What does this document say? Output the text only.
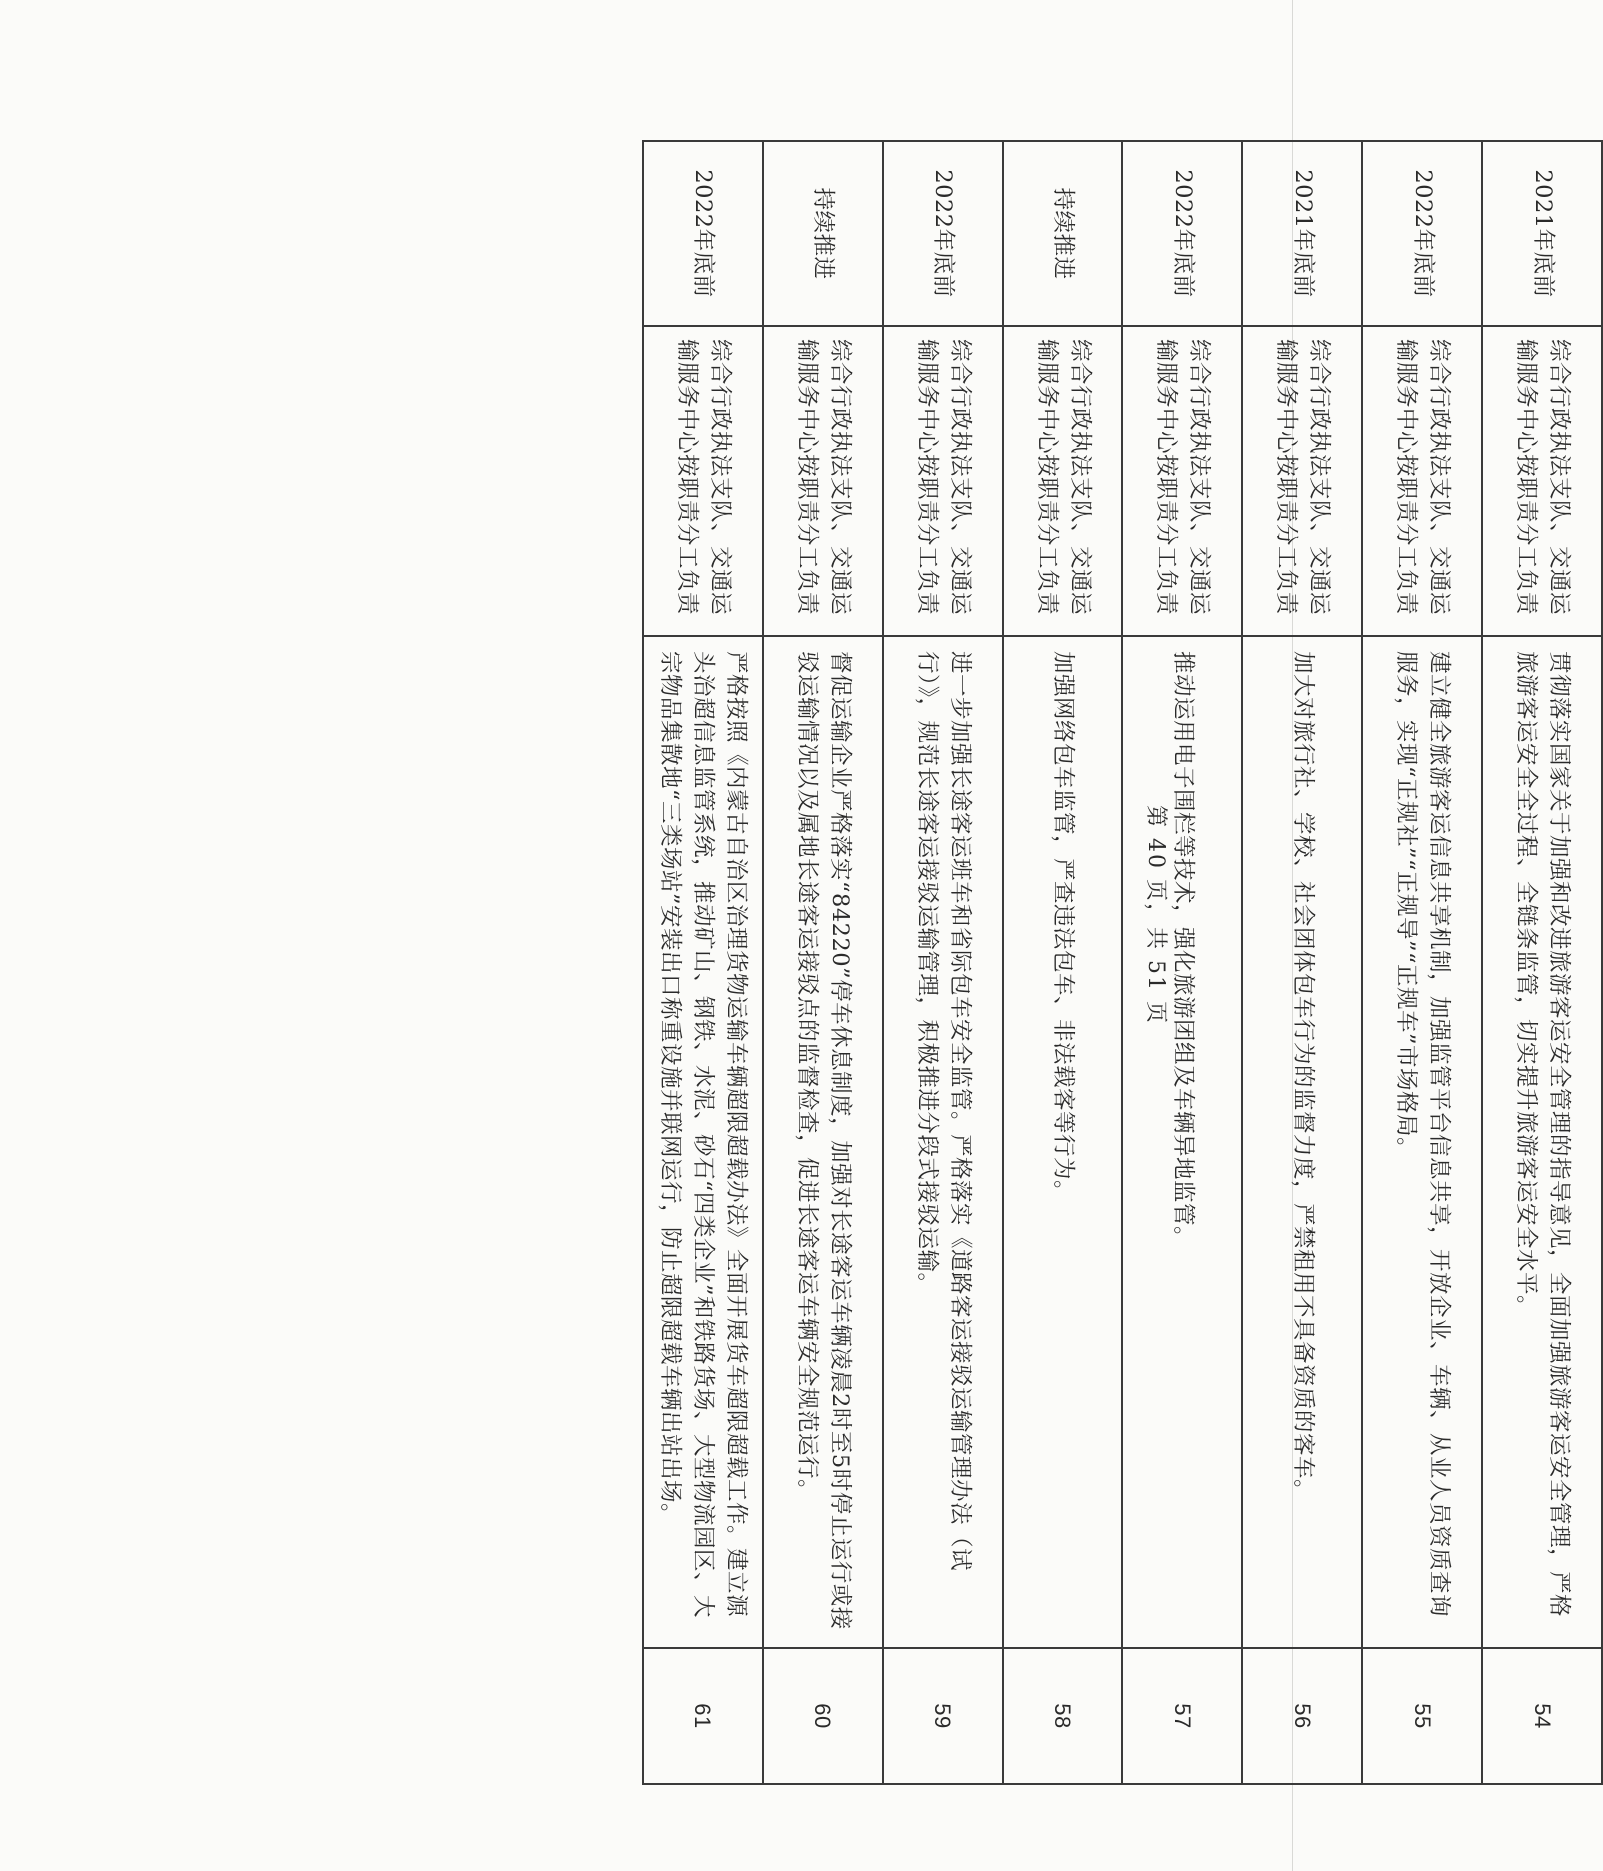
2021年底前	综合行政执法支队、交通运输服务中心按职责分工负责	贯彻落实国家关于加强和改进旅游客运安全管理的指导意见，全面加强旅游客运安全管理，严格旅游客运安全全过程、全链条监管，切实提升旅游客运安全水平。	54
2022年底前	综合行政执法支队、交通运输服务中心按职责分工负责	建立健全旅游客运信息共享机制，加强监管平台信息共享，开放企业、车辆、从业人员资质查询服务，实现“正规社”“正规导”“正规车”市场格局。	55
2021年底前	综合行政执法支队、交通运输服务中心按职责分工负责	加大对旅行社、学校、社会团体包车行为的监督力度，严禁租用不具备资质的客车。	56
2022年底前	综合行政执法支队、交通运输服务中心按职责分工负责	推动运用电子围栏等技术，强化旅游团组及车辆异地监管。	57
持续推进	综合行政执法支队、交通运输服务中心按职责分工负责	加强网络包车监管，严查违法包车、非法载客等行为。	58
2022年底前	综合行政执法支队、交通运输服务中心按职责分工负责	进一步加强长途客运班车和省际包车安全监管。严格落实《道路客运接驳运输管理办法（试行）》，规范长途客运接驳运输管理，积极推进分段式接驳运输。	59
持续推进	综合行政执法支队、交通运输服务中心按职责分工负责	督促运输企业严格落实“84220”停车休息制度，加强对长途客运车辆凌晨2时至5时停止运行或接驳运输情况以及属地长途客运接驳点的监督检查，促进长途客运车辆安全规范运行。	60
2022年底前	综合行政执法支队、交通运输服务中心按职责分工负责	严格按照《内蒙古自治区治理货物运输车辆超限超载办法》全面开展货车超限超载工作。建立源头治超信息监管系统，推动矿山、钢铁、水泥、砂石“四类企业”和铁路货场、大型物流园区、大宗物品集散地“三类场站”安装出口称重设施并联网运行，防止超限超载车辆出站出场。	61
第 40 页，共 51 页
